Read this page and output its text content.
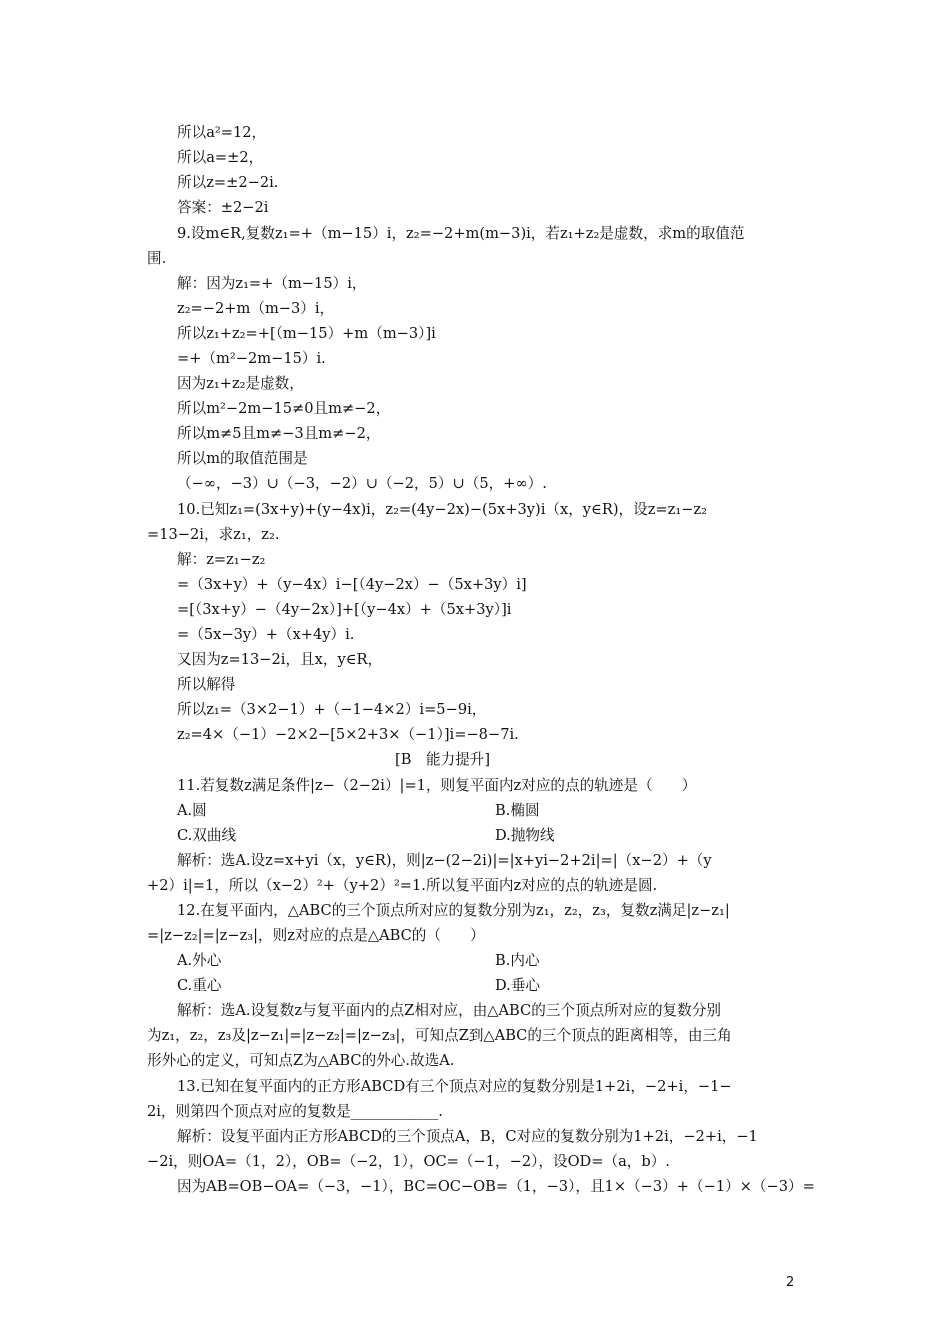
所以a²=12，
所以a=±2，
所以z=±2−2i.
答案：±2−2i
9.设m∈R,复数z₁=+（m−15）i，z₂=−2+m(m−3)i，若z₁+z₂是虚数，求m的取值范
围.
解：因为z₁=+（m−15）i，
z₂=−2+m（m−3）i，
所以z₁+z₂=+[（m−15）+m（m−3）]i
=+（m²−2m−15）i.
因为z₁+z₂是虚数，
所以m²−2m−15≠0且m≠−2，
所以m≠5且m≠−3且m≠−2，
所以m的取值范围是
（−∞，−3）∪（−3，−2）∪（−2，5）∪（5，+∞）.
10.已知z₁=(3x+y)+(y−4x)i，z₂=(4y−2x)−(5x+3y)i（x，y∈R)，设z=z₁−z₂
=13−2i，求z₁，z₂.
解：z=z₁−z₂
=（3x+y）+（y−4x）i−[（4y−2x）−（5x+3y）i]
=[（3x+y）−（4y−2x）]+[（y−4x）+（5x+3y）]i
=（5x−3y）+（x+4y）i.
又因为z=13−2i，且x，y∈R，
所以解得
所以z₁=（3×2−1）+（−1−4×2）i=5−9i，
z₂=4×（−1）−2×2−[5×2+3×（−1）]i=−8−7i.
[B　能力提升]
11.若复数z满足条件|z−（2−2i）|=1，则复平面内z对应的点的轨迹是（　　）
A.圆	B.椭圆
C.双曲线	D.抛物线
解析：选A.设z=x+yi（x，y∈R)，则|z−(2−2i)|=|x+yi−2+2i|=|（x−2）+（y
+2）i|=1，所以（x−2）²+（y+2）²=1.所以复平面内z对应的点的轨迹是圆.
12.在复平面内，△ABC的三个顶点所对应的复数分别为z₁，z₂，z₃，复数z满足|z−z₁|
=|z−z₂|=|z−z₃|，则z对应的点是△ABC的（　　）
A.外心	B.内心
C.重心	D.垂心
解析：选A.设复数z与复平面内的点Z相对应，由△ABC的三个顶点所对应的复数分别
为z₁，z₂，z₃及|z−z₁|=|z−z₂|=|z−z₃|，可知点Z到△ABC的三个顶点的距离相等，由三角
形外心的定义，可知点Z为△ABC的外心.故选A.
13.已知在复平面内的正方形ABCD有三个顶点对应的复数分别是1+2i，−2+i，−1−
2i，则第四个顶点对应的复数是____________.
解析：设复平面内正方形ABCD的三个顶点A，B，C对应的复数分别为1+2i，−2+i，−1
−2i，则OA=（1，2），OB=（−2，1），OC=（−1，−2），设OD=（a，b）.
因为AB=OB−OA=（−3，−1），BC=OC−OB=（1，−3），且1×（−3）+（−1）×（−3）=
2
